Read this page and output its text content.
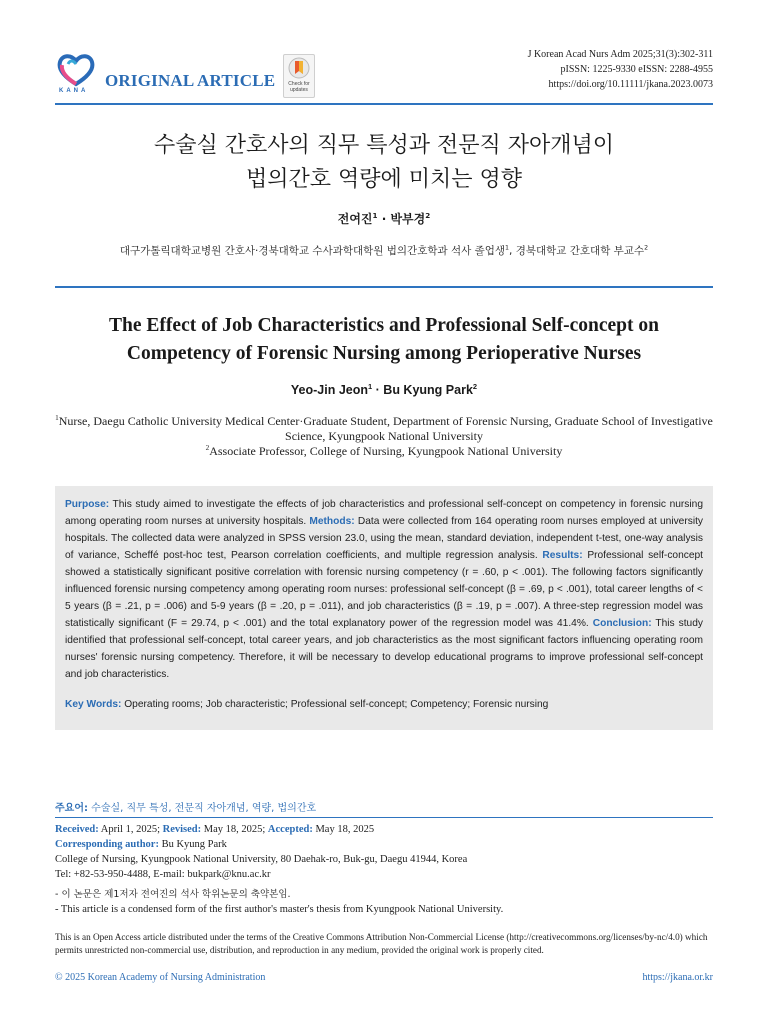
KANA
ORIGINAL ARTICLE	Check for
updates
J Korean Acad Nurs Adm 2025;31(3):302-311
pISSN: 1225-9330 eISSN: 2288-4955
https://doi.org/10.11111/jkana.2023.0073
수술실 간호사의 직무 특성과 전문직 자아개념이
법의간호 역량에 미치는 영향
전여진$^1$ · 박부경$^2$
대구가톨릭대학교병원 간호사·경북대학교 수사과학대학원 법의간호학과 석사 졸업생$^1$, 경북대학교 간호대학 부교수$^2$
The Effect of Job Characteristics and Professional Self-concept on
Competency of Forensic Nursing among Perioperative Nurses
Yeo-Jin Jeon$^1$ · Bu Kyung Park$^2$
$^1$Nurse, Daegu Catholic University Medical Center·Graduate Student, Department of Forensic Nursing, Graduate School of Investigative Science, Kyungpook National University
$^2$Associate Professor, College of Nursing, Kyungpook National University
Purpose: This study aimed to investigate the effects of job characteristics and professional self-concept on competency in forensic nursing among operating room nurses at university hospitals. Methods: Data were collected from 164 operating room nurses employed at university hospitals. The collected data were analyzed in SPSS version 23.0, using the mean, standard deviation, independent t-test, one-way analysis of variance, Scheffé post-hoc test, Pearson correlation coefficients, and multiple regression analysis. Results: Professional self-concept showed a statistically significant positive correlation with forensic nursing competency (r = .60, p < .001). The following factors significantly influenced forensic nursing competency among operating room nurses: professional self-concept (β = .69, p < .001), total career lengths of < 5 years (β = .21, p = .006) and 5-9 years (β = .20, p = .011), and job characteristics (β = .19, p = .007). A three-step regression model was statistically significant (F = 29.74, p < .001) and the total explanatory power of the regression model was 41.4%. Conclusion: This study identified that professional self-concept, total career years, and job characteristics as the most significant factors influencing operating room nurses' forensic nursing competency. Therefore, it will be necessary to develop educational programs to improve professional self-concept and job characteristics.
Key Words: Operating rooms; Job characteristic; Professional self-concept; Competency; Forensic nursing
주요어: 수술실, 직무 특성, 전문직 자아개념, 역량, 법의간호
Received: April 1, 2025; Revised: May 18, 2025; Accepted: May 18, 2025
Corresponding author: Bu Kyung Park
College of Nursing, Kyungpook National University, 80 Daehak-ro, Buk-gu, Daegu 41944, Korea
Tel: +82-53-950-4488, E-mail: bukpark@knu.ac.kr
- 이 논문은 제1저자 전여진의 석사 학위논문의 축약본임.
- This article is a condensed form of the first author's master's thesis from Kyungpook National University.
This is an Open Access article distributed under the terms of the Creative Commons Attribution Non-Commercial License (http://creativecommons.org/licenses/by-nc/4.0) which permits unrestricted non-commercial use, distribution, and reproduction in any medium, provided the original work is properly cited.
© 2025 Korean Academy of Nursing Administration	https://jkana.or.kr
